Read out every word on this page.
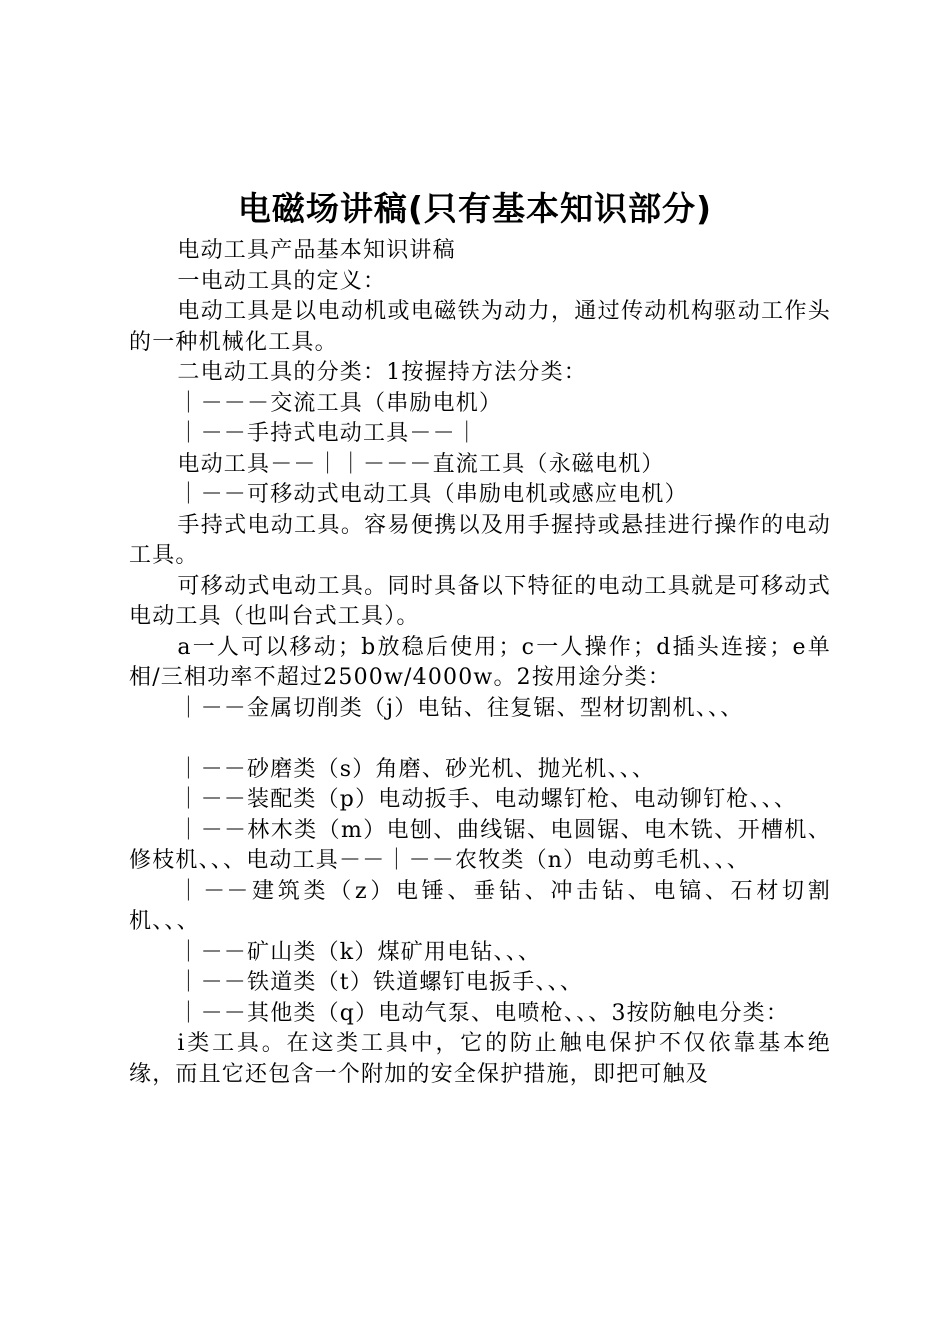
电磁场讲稿(只有基本知识部分)

电动工具产品基本知识讲稿

一电动工具的定义：

电动工具是以电动机或电磁铁为动力，通过传动机构驱动工作头的一种机械化工具。

二电动工具的分类：1按握持方法分类：

｜－－－交流工具（串励电机）

｜－－手持式电动工具－－｜

电动工具－－｜｜－－－直流工具（永磁电机）

｜－－可移动式电动工具（串励电机或感应电机）

手持式电动工具。容易便携以及用手握持或悬挂进行操作的电动工具。

可移动式电动工具。同时具备以下特征的电动工具就是可移动式电动工具（也叫台式工具）。

a一人可以移动；b放稳后使用；c一人操作；d插头连接；e单相/三相功率不超过2500w/4000w。2按用途分类：

｜－－金属切削类（j）电钻、往复锯、型材切割机、、、

｜－－砂磨类（s）角磨、砂光机、抛光机、、、

｜－－装配类（p）电动扳手、电动螺钉枪、电动铆钉枪、、、

｜－－林木类（m）电刨、曲线锯、电圆锯、电木铣、开槽机、修枝机、、、电动工具－－｜－－农牧类（n）电动剪毛机、、、

｜－－建筑类（z）电锤、垂钻、冲击钻、电镐、石材切割机、、、

｜－－矿山类（k）煤矿用电钻、、、

｜－－铁道类（t）铁道螺钉电扳手、、、

｜－－其他类（q）电动气泵、电喷枪、、、3按防触电分类：

i类工具。在这类工具中，它的防止触电保护不仅依靠基本绝缘，而且它还包含一个附加的安全保护措施，即把可触及
